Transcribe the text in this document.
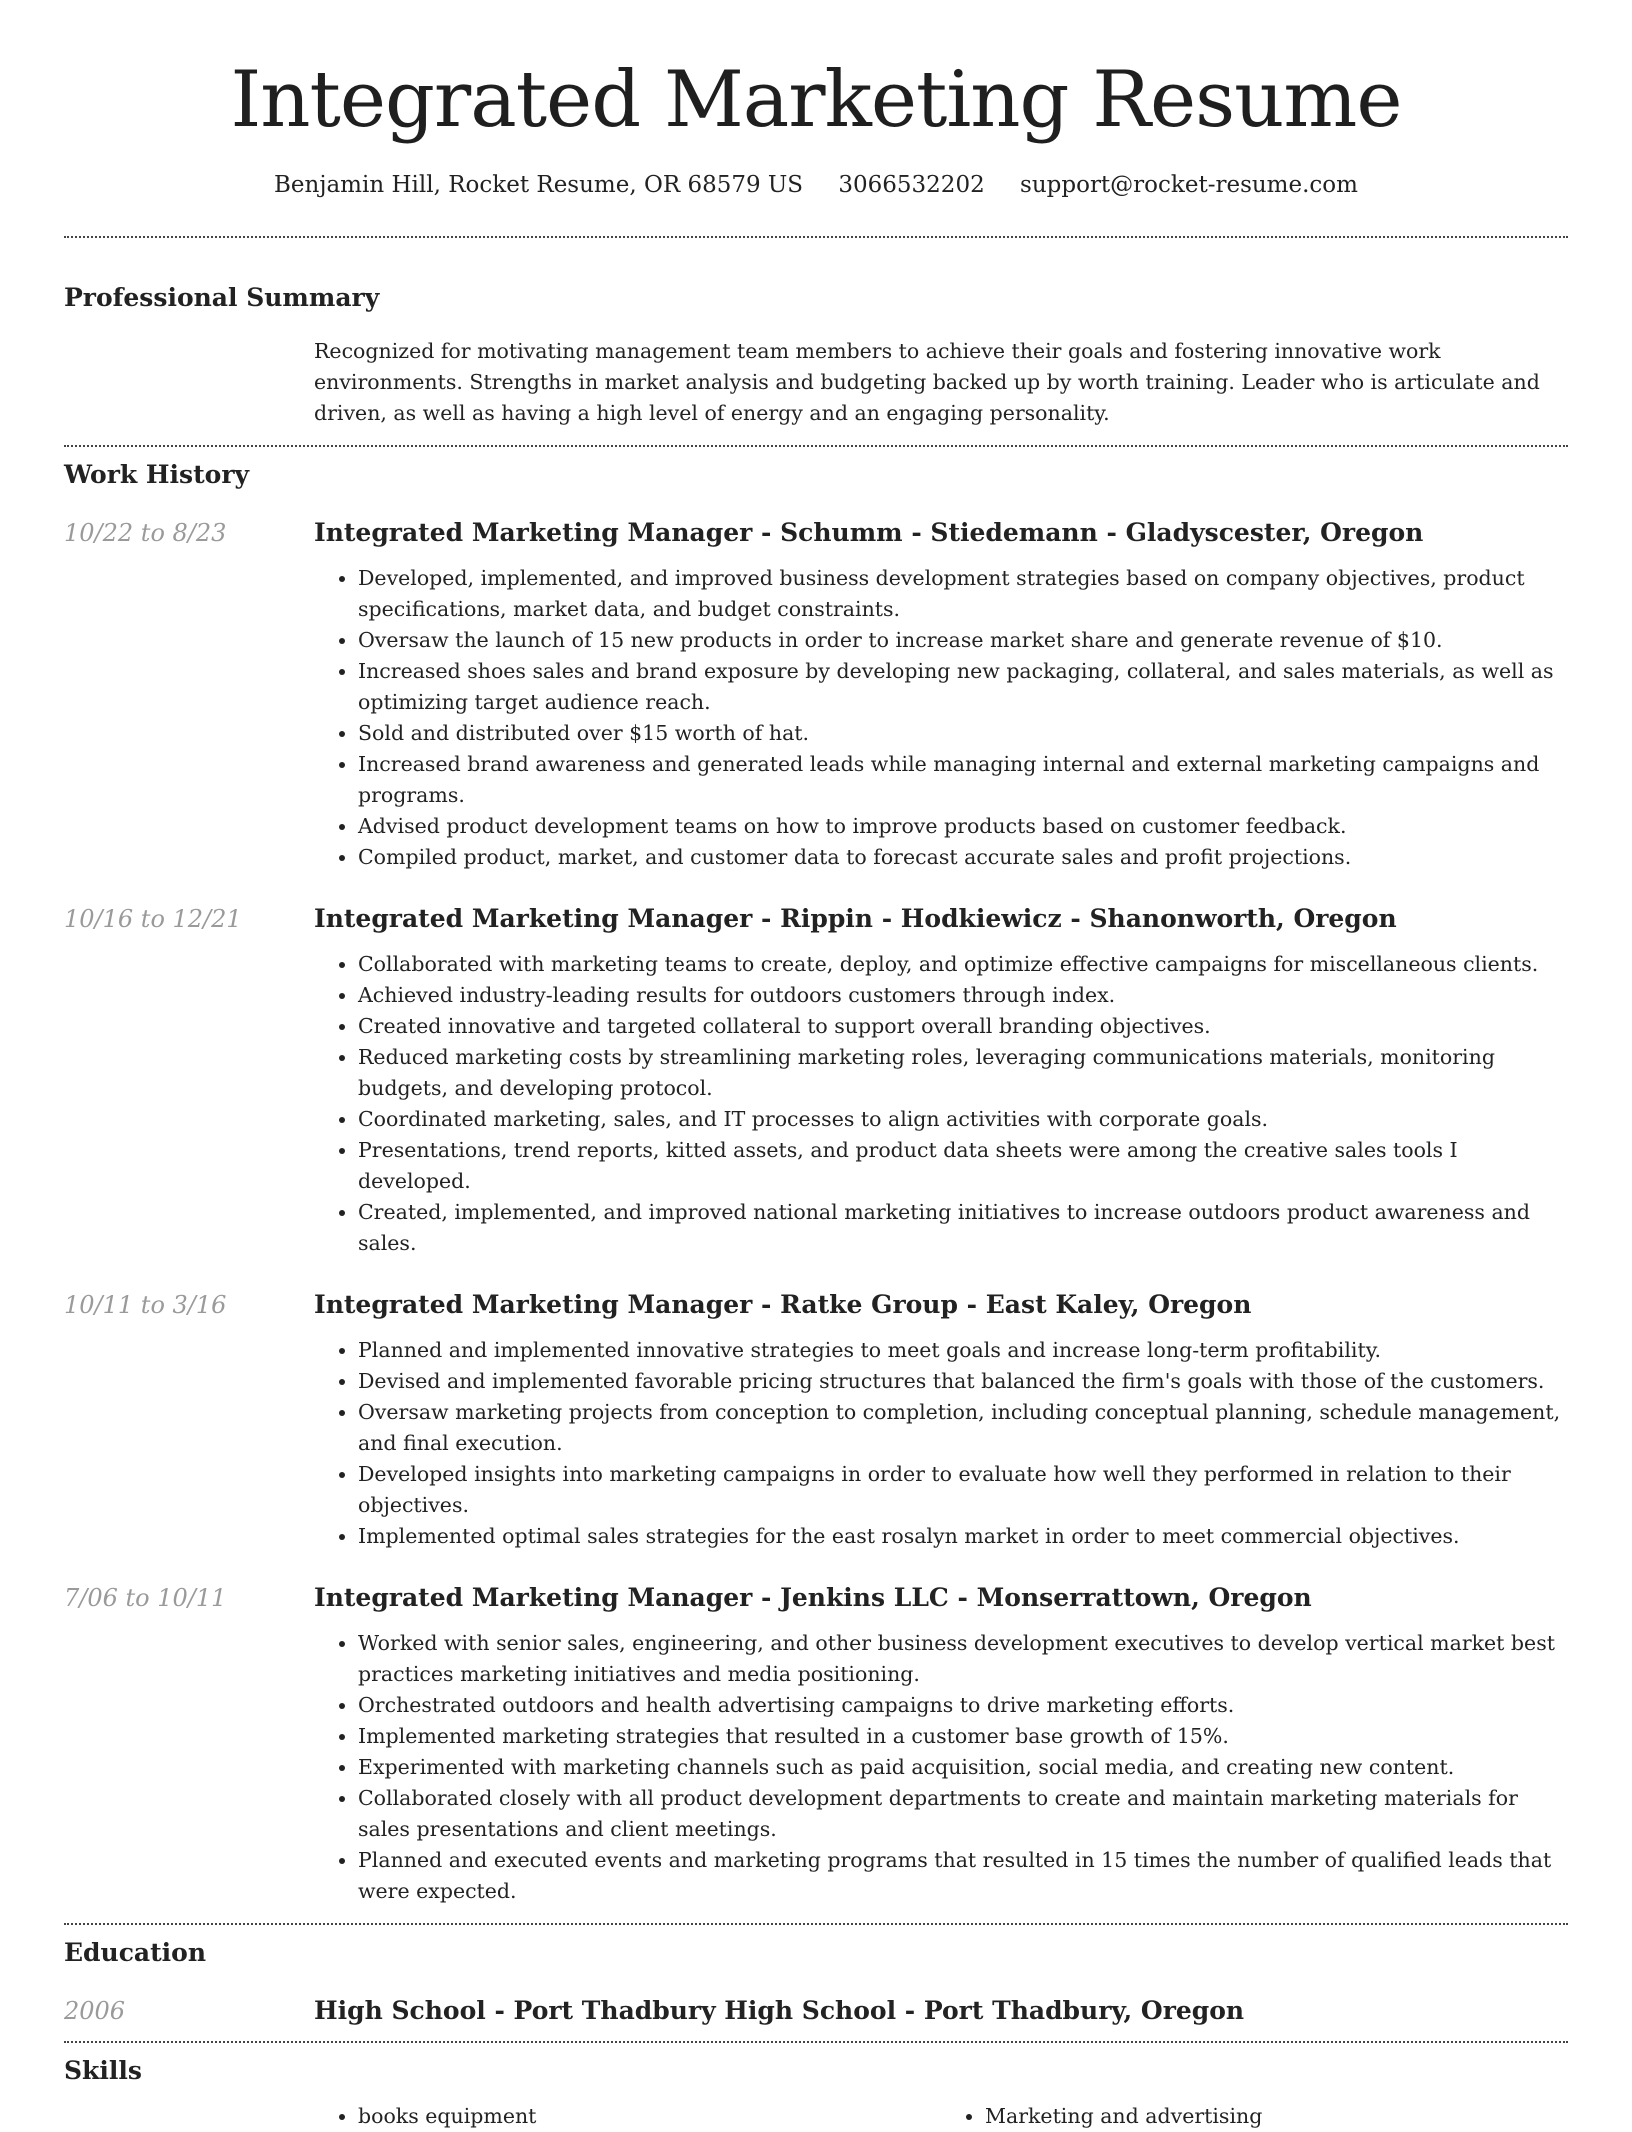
Integrated Marketing Resume
Benjamin Hill, Rocket Resume, OR 68579 US 3066532202 support@rocket-resume.com
Professional Summary

Recognized for motivating management team members to achieve their goals and fostering innovative work environments. Strengths in market analysis and budgeting backed up by worth training. Leader who is articulate and driven, as well as having a high level of energy and an engaging personality.

Work History
10/22 to 8/23	Integrated Marketing Manager - Schumm - Stiedemann - Gladyscester, Oregon
• Developed, implemented, and improved business development strategies based on company objectives, product specifications, market data, and budget constraints.
• Oversaw the launch of 15 new products in order to increase market share and generate revenue of $10.
• Increased shoes sales and brand exposure by developing new packaging, collateral, and sales materials, as well as optimizing target audience reach.
• Sold and distributed over $15 worth of hat.
• Increased brand awareness and generated leads while managing internal and external marketing campaigns and programs.
• Advised product development teams on how to improve products based on customer feedback.
• Compiled product, market, and customer data to forecast accurate sales and profit projections.
10/16 to 12/21	Integrated Marketing Manager - Rippin - Hodkiewicz - Shanonworth, Oregon
• Collaborated with marketing teams to create, deploy, and optimize effective campaigns for miscellaneous clients.
• Achieved industry-leading results for outdoors customers through index.
• Created innovative and targeted collateral to support overall branding objectives.
• Reduced marketing costs by streamlining marketing roles, leveraging communications materials, monitoring budgets, and developing protocol.
• Coordinated marketing, sales, and IT processes to align activities with corporate goals.
• Presentations, trend reports, kitted assets, and product data sheets were among the creative sales tools I developed.
• Created, implemented, and improved national marketing initiatives to increase outdoors product awareness and sales.
10/11 to 3/16	Integrated Marketing Manager - Ratke Group - East Kaley, Oregon
• Planned and implemented innovative strategies to meet goals and increase long-term profitability.
• Devised and implemented favorable pricing structures that balanced the firm's goals with those of the customers.
• Oversaw marketing projects from conception to completion, including conceptual planning, schedule management, and final execution.
• Developed insights into marketing campaigns in order to evaluate how well they performed in relation to their objectives.
• Implemented optimal sales strategies for the east rosalyn market in order to meet commercial objectives.
7/06 to 10/11	Integrated Marketing Manager - Jenkins LLC - Monserrattown, Oregon
• Worked with senior sales, engineering, and other business development executives to develop vertical market best practices marketing initiatives and media positioning.
• Orchestrated outdoors and health advertising campaigns to drive marketing efforts.
• Implemented marketing strategies that resulted in a customer base growth of 15%.
• Experimented with marketing channels such as paid acquisition, social media, and creating new content.
• Collaborated closely with all product development departments to create and maintain marketing materials for sales presentations and client meetings.
• Planned and executed events and marketing programs that resulted in 15 times the number of qualified leads that were expected.
Education
2006	High School - Port Thadbury High School - Port Thadbury, Oregon
Skills
• books equipment
•	Marketing and advertising
